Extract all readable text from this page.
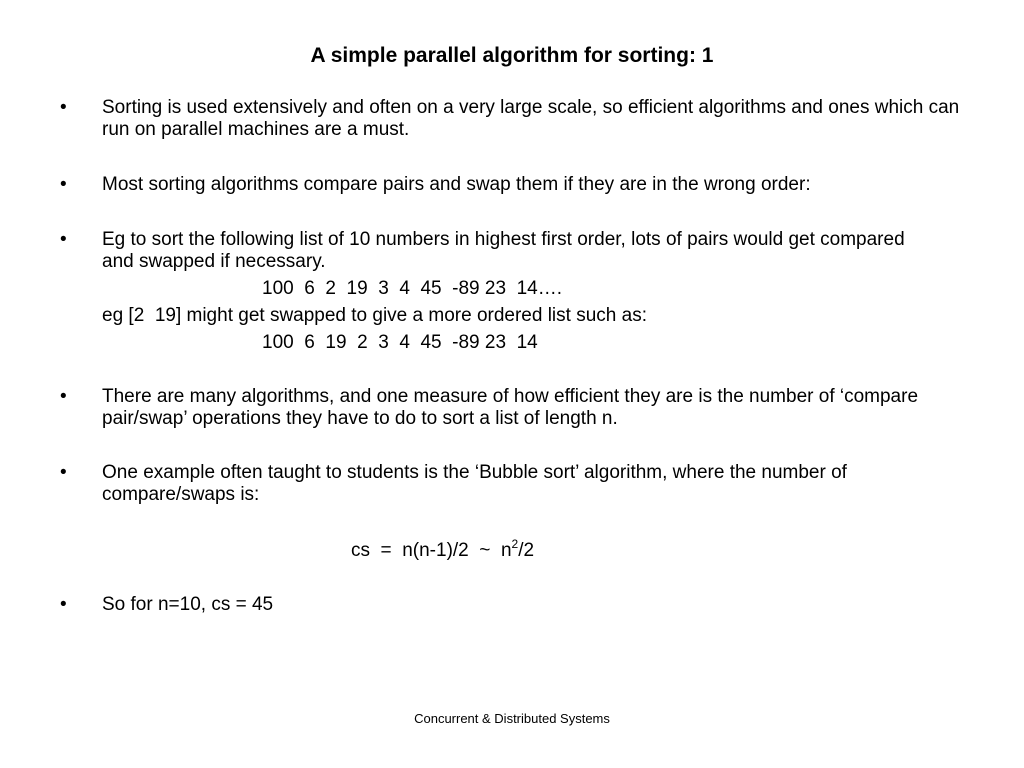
A simple parallel algorithm for sorting: 1
•	Sorting is used extensively and often on a very large scale, so efficient algorithms and ones which can run on parallel machines are a must.
•	Most sorting algorithms compare pairs and swap them if they are in the wrong order:
•	Eg to sort the following list of 10 numbers in highest first order, lots of pairs would get compared and swapped if necessary.
100  6  2  19  3  4  45  -89 23  14….
eg [2  19] might get swapped to give a more ordered list such as:
100  6  19  2  3  4  45  -89 23  14
•	There are many algorithms, and one measure of how efficient they are is the number of ‘compare pair/swap’ operations they have to do to sort a list of length n.
•	One example often taught to students is the ‘Bubble sort’ algorithm, where the number of compare/swaps is:
cs  =  n(n-1)/2  ~  $n^2/2$
•	So for n=10, cs = 45
Concurrent & Distributed Systems
